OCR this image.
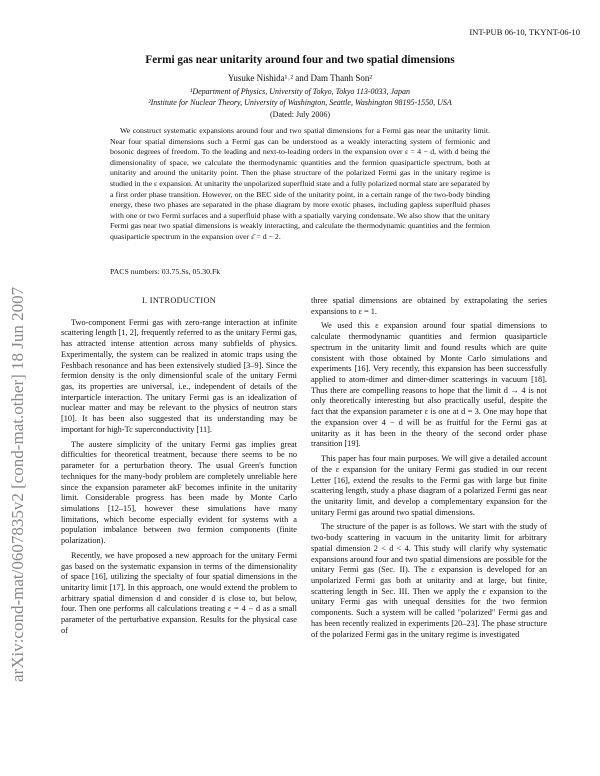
INT-PUB 06-10, TKYNT-06-10
arXiv:cond-mat/0607835v2 [cond-mat.other] 18 Jun 2007
Fermi gas near unitarity around four and two spatial dimensions
Yusuke Nishida¹˒² and Dam Thanh Son²
¹Department of Physics, University of Tokyo, Tokyo 113-0033, Japan
²Institute for Nuclear Theory, University of Washington, Seattle, Washington 98195-1550, USA
(Dated: July 2006)

We construct systematic expansions around four and two spatial dimensions for a Fermi gas near the unitarity limit. Near four spatial dimensions such a Fermi gas can be understood as a weakly interacting system of fermionic and bosonic degrees of freedom. To the leading and next-to-leading orders in the expansion over ε = 4 − d, with d being the dimensionality of space, we calculate the thermodynamic quantities and the fermion quasiparticle spectrum, both at unitarity and around the unitarity point. Then the phase structure of the polarized Fermi gas in the unitary regime is studied in the ε expansion. At unitarity the unpolarized superfluid state and a fully polarized normal state are separated by a first order phase transition. However, on the BEC side of the unitarity point, in a certain range of the two-body binding energy, these two phases are separated in the phase diagram by more exotic phases, including gapless superfluid phases with one or two Fermi surfaces and a superfluid phase with a spatially varying condensate. We also show that the unitary Fermi gas near two spatial dimensions is weakly interacting, and calculate the thermodynamic quantities and the fermion quasiparticle spectrum in the expansion over ε̄ = d − 2.

PACS numbers: 03.75.Ss, 05.30.Fk
I. INTRODUCTION

Two-component Fermi gas with zero-range interaction at infinite scattering length [1, 2], frequently referred to as the unitary Fermi gas, has attracted intense attention across many subfields of physics. Experimentally, the system can be realized in atomic traps using the Feshbach resonance and has been extensively studied [3–9]. Since the fermion density is the only dimensionful scale of the unitary Fermi gas, its properties are universal, i.e., independent of details of the interparticle interaction. The unitary Fermi gas is an idealization of nuclear matter and may be relevant to the physics of neutron stars [10]. It has been also suggested that its understanding may be important for high-Tc superconductivity [11].

The austere simplicity of the unitary Fermi gas implies great difficulties for theoretical treatment, because there seems to be no parameter for a perturbation theory. The usual Green's function techniques for the many-body problem are completely unreliable here since the expansion parameter akF becomes infinite in the unitarity limit. Considerable progress has been made by Monte Carlo simulations [12–15], however these simulations have many limitations, which become especially evident for systems with a population imbalance between two fermion components (finite polarization).

Recently, we have proposed a new approach for the unitary Fermi gas based on the systematic expansion in terms of the dimensionality of space [16], utilizing the specialty of four spatial dimensions in the unitarity limit [17]. In this approach, one would extend the problem to arbitrary spatial dimension d and consider d is close to, but below, four. Then one performs all calculations treating ε = 4 − d as a small parameter of the perturbative expansion. Results for the physical case of

three spatial dimensions are obtained by extrapolating the series expansions to ε = 1.

We used this ε expansion around four spatial dimensions to calculate thermodynamic quantities and fermion quasiparticle spectrum in the unitarity limit and found results which are quite consistent with those obtained by Monte Carlo simulations and experiments [16]. Very recently, this expansion has been successfully applied to atom-dimer and dimer-dimer scatterings in vacuum [18]. Thus there are compelling reasons to hope that the limit d → 4 is not only theoretically interesting but also practically useful, despite the fact that the expansion parameter ε is one at d = 3. One may hope that the expansion over 4 − d will be as fruitful for the Fermi gas at unitarity as it has been in the theory of the second order phase transition [19].

This paper has four main purposes. We will give a detailed account of the ε expansion for the unitary Fermi gas studied in our recent Letter [16], extend the results to the Fermi gas with large but finite scattering length, study a phase diagram of a polarized Fermi gas near the unitarity limit, and develop a complementary expansion for the unitary Fermi gas around two spatial dimensions.

The structure of the paper is as follows. We start with the study of two-body scattering in vacuum in the unitarity limit for arbitrary spatial dimension 2 < d < 4. This study will clarify why systematic expansions around four and two spatial dimensions are possible for the unitary Fermi gas (Sec. II). The ε expansion is developed for an unpolarized Fermi gas both at unitarity and at large, but finite, scattering length in Sec. III. Then we apply the ε expansion to the unitary Fermi gas with unequal densities for the two fermion components. Such a system will be called "polarized" Fermi gas and has been recently realized in experiments [20–23]. The phase structure of the polarized Fermi gas in the unitary regime is investigated
